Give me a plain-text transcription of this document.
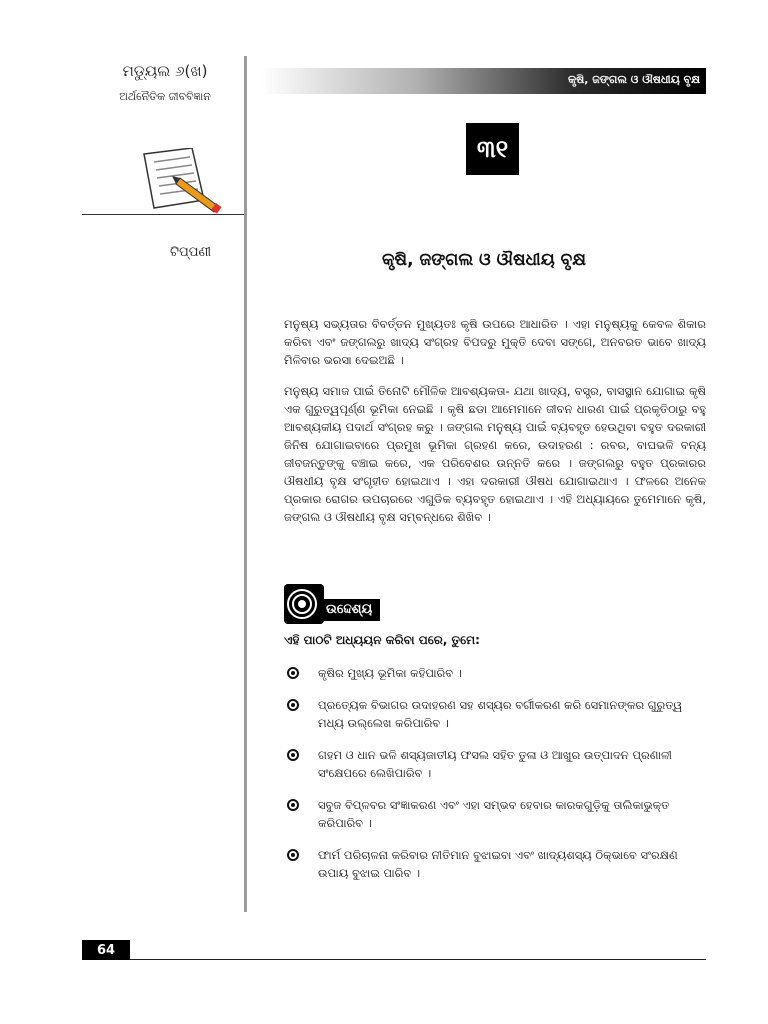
ମଡ୍ୟୁଲ ୬(ଖ)
ଅର୍ଥନୈତିକ ଜୀବବିଜ୍ଞାନ
ଟିପ୍ପଣୀ
କୃଷି, ଜଙ୍ଗଲ ଓ ଔଷଧୀୟ ବୃକ୍ଷ
୩୧
କୃଷି, ଜଙ୍ଗଲ ଓ ଔଷଧୀୟ ବୃକ୍ଷ

ମନୁଷ୍ୟ ସଭ୍ୟତାର ବିବର୍ତ୍ତନ ମୁଖ୍ୟତଃ କୃଷି ଉପରେ ଆଧାରିତ । ଏହା ମନୁଷ୍ୟକୁ କେବଳ ଶିକାର କରିବା ଏବଂ ଜଙ୍ଗଲରୁ ଖାଦ୍ୟ ସଂଗ୍ରହ ବିପଦରୁ ମୁକ୍ତି ଦେବା ସଙ୍ଗେ, ଅନବରତ ଭାବେ ଖାଦ୍ୟ ମିଳିବାର ଭରସା ଦେଇଅଛି ।

ମନୁଷ୍ୟ ସମାଜ ପାଇଁ ତିନୋଟି ମୌଳିକ ଆବଶ୍ୟକତା- ଯଥା ଖାଦ୍ୟ, ବସ୍ତ୍ର, ବାସସ୍ଥାନ ଯୋଗାଇ କୃଷି ଏକ ଗୁରୁତ୍ୱପୂର୍ଣ୍ଣ ଭୂମିକା ନେଇଛି । କୃଷି ଛଡା ଆମେମାନେ ଜୀବନ ଧାରଣ ପାଇଁ ପ୍ରକୃତିଠାରୁ ବହୁ ଆବଶ୍ୟକୀୟ ପଦାର୍ଥ ସଂଗ୍ରହ କରୁ । ଜଙ୍ଗଲ ମନୁଷ୍ୟ ପାଇଁ ବ୍ୟବହୃତ ହେଉଥିବା ବହୁତ ଦରକାରୀ ଜିନିଷ ଯୋଗାଇବାରେ ପ୍ରମୁଖ ଭୂମିକା ଗ୍ରହଣ କରେ, ଉଦାହରଣ : ରବର, ବାଘଭଳି ବନ୍ୟ ଜୀବଜନ୍ତୁଙ୍କୁ ବଞ୍ଚାଇ କରେ, ଏକ ପରିବେଶର ଉନ୍ନତି କରେ । ଜଙ୍ଗଲରୁ ବହୁତ ପ୍ରକାରର ଔଷଧୀୟ ବୃକ୍ଷ ସଂଗୃହୀତ ହୋଇଥାଏ । ଏହା ଦରକାରୀ ଔଷଧ ଯୋଗାଇଥାଏ । ଫଳରେ ଅନେକ ପ୍ରକାର ରୋଗର ଉପଚାରରେ ଏଗୁଡିକ ବ୍ୟବହୃତ ହୋଇଥାଏ । ଏହି ଅଧ୍ୟାୟରେ ତୁମେମାନେ କୃଷି, ଜଙ୍ଗଲ ଓ ଔଷଧୀୟ ବୃକ୍ଷ ସମ୍ବନ୍ଧରେ ଶିଖିବ ।

ଉଦ୍ଦେଶ୍ୟ
ଏହି ପାଠଟି ଅଧ୍ୟୟନ କରିବା ପରେ, ତୁମେ:
କୃଷିର ମୁଖ୍ୟ ଭୂମିକା କହିପାରିବ ।
ପ୍ରତ୍ୟେକ ବିଭାଗର ଉଦାହରଣ ସହ ଶସ୍ୟର ବର୍ଗୀକରଣ କରି ସେମାନଙ୍କର ଗୁରୁତ୍ୱ ମଧ୍ୟ ଉଲ୍ଲେଖ କରିପାରିବ ।
ଗହମ ଓ ଧାନ ଭଳି ଶସ୍ୟଜାତୀୟ ଫସଲ ସହିତ ତୁଳା ଓ ଆଖୁର ଉତ୍ପାଦନ ପ୍ରଣାଳୀ ସଂକ୍ଷେପରେ ଲେଖିପାରିବ ।
ସବୁଜ ବିପ୍ଳବର ସଂଜ୍ଞାକରଣ ଏବଂ ଏହା ସମ୍ଭବ ହେବାର କାରକଗୁଡ଼ିକୁ ତାଲିକାଭୁକ୍ତ କରିପାରିବ ।
ଫାର୍ମ ପରିଚାଳନା କରିବାର ନୀତିମାନ ବୁଝାଇବା ଏବଂ ଖାଦ୍ୟଶସ୍ୟ ଠିକ୍‌ଭାବେ ସଂରକ୍ଷଣ ଉପାୟ ବୁଝାଇ ପାରିବ ।
64
